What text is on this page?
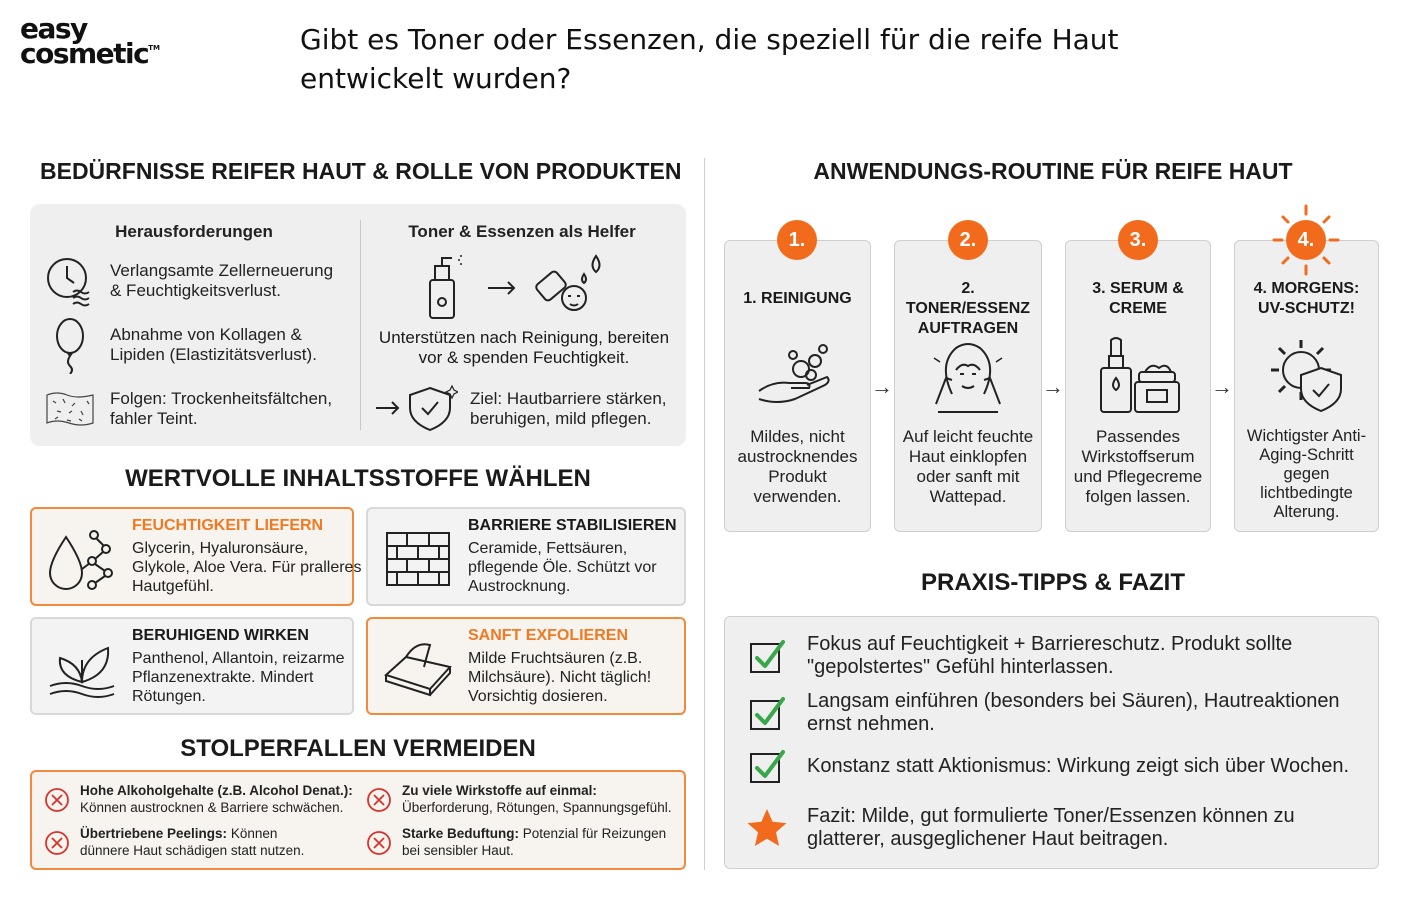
easy
cosmetic™	Gibt es Toner oder Essenzen, die speziell für die reife Haut entwickelt wurden?
BEDÜRFNISSE REIFER HAUT & ROLLE VON PRODUKTEN
Herausforderungen	Toner & Essenzen als Helfer
Verlangsamte Zellerneuerung & Feuchtigkeitsverlust.
Abnahme von Kollagen & Lipiden (Elastizitätsverlust).
Folgen: Trockenheitsfältchen, fahler Teint.
Unterstützen nach Reinigung, bereiten vor & spenden Feuchtigkeit.
Ziel: Hautbarriere stärken, beruhigen, mild pflegen.
WERTVOLLE INHALTSSTOFFE WÄHLEN
FEUCHTIGKEIT LIEFERN
Glycerin, Hyaluronsäure, Glykole, Aloe Vera. Für pralleres Hautgefühl.
BARRIERE STABILISIEREN
Ceramide, Fettsäuren, pflegende Öle. Schützt vor Austrocknung.
BERUHIGEND WIRKEN
Panthenol, Allantoin, reizarme Pflanzenextrakte. Mindert Rötungen.
SANFT EXFOLIEREN
Milde Fruchtsäuren (z.B. Milchsäure). Nicht täglich! Vorsichtig dosieren.
STOLPERFALLEN VERMEIDEN
Hohe Alkoholgehalte (z.B. Alcohol Denat.):
Können austrocknen & Barriere schwächen.
Zu viele Wirkstoffe auf einmal:
Überforderung, Rötungen, Spannungsgefühl.
Übertriebene Peelings: Können dünnere Haut schädigen statt nutzen.
Starke Beduftung: Potenzial für Reizungen bei sensibler Haut.
ANWENDUNGS-ROUTINE FÜR REIFE HAUT
1. REINIGUNG
Mildes, nicht austrocknendes Produkt verwenden.
1.
→
2. TONER/ESSENZ AUFTRAGEN
Auf leicht feuchte Haut einklopfen oder sanft mit Wattepad.
2.
→
3. SERUM & CREME
Passendes Wirkstoffserum und Pflegecreme folgen lassen.
3.
→
4. MORGENS: UV-SCHUTZ!
Wichtigster Anti-Aging-Schritt gegen lichtbedingte Alterung.
4.
PRAXIS-TIPPS & FAZIT
Fokus auf Feuchtigkeit + Barriereschutz. Produkt sollte "gepolstertes" Gefühl hinterlassen.
Langsam einführen (besonders bei Säuren), Hautreaktionen ernst nehmen.
Konstanz statt Aktionismus: Wirkung zeigt sich über Wochen.
Fazit: Milde, gut formulierte Toner/Essenzen können zu glatterer, ausgeglichener Haut beitragen.
